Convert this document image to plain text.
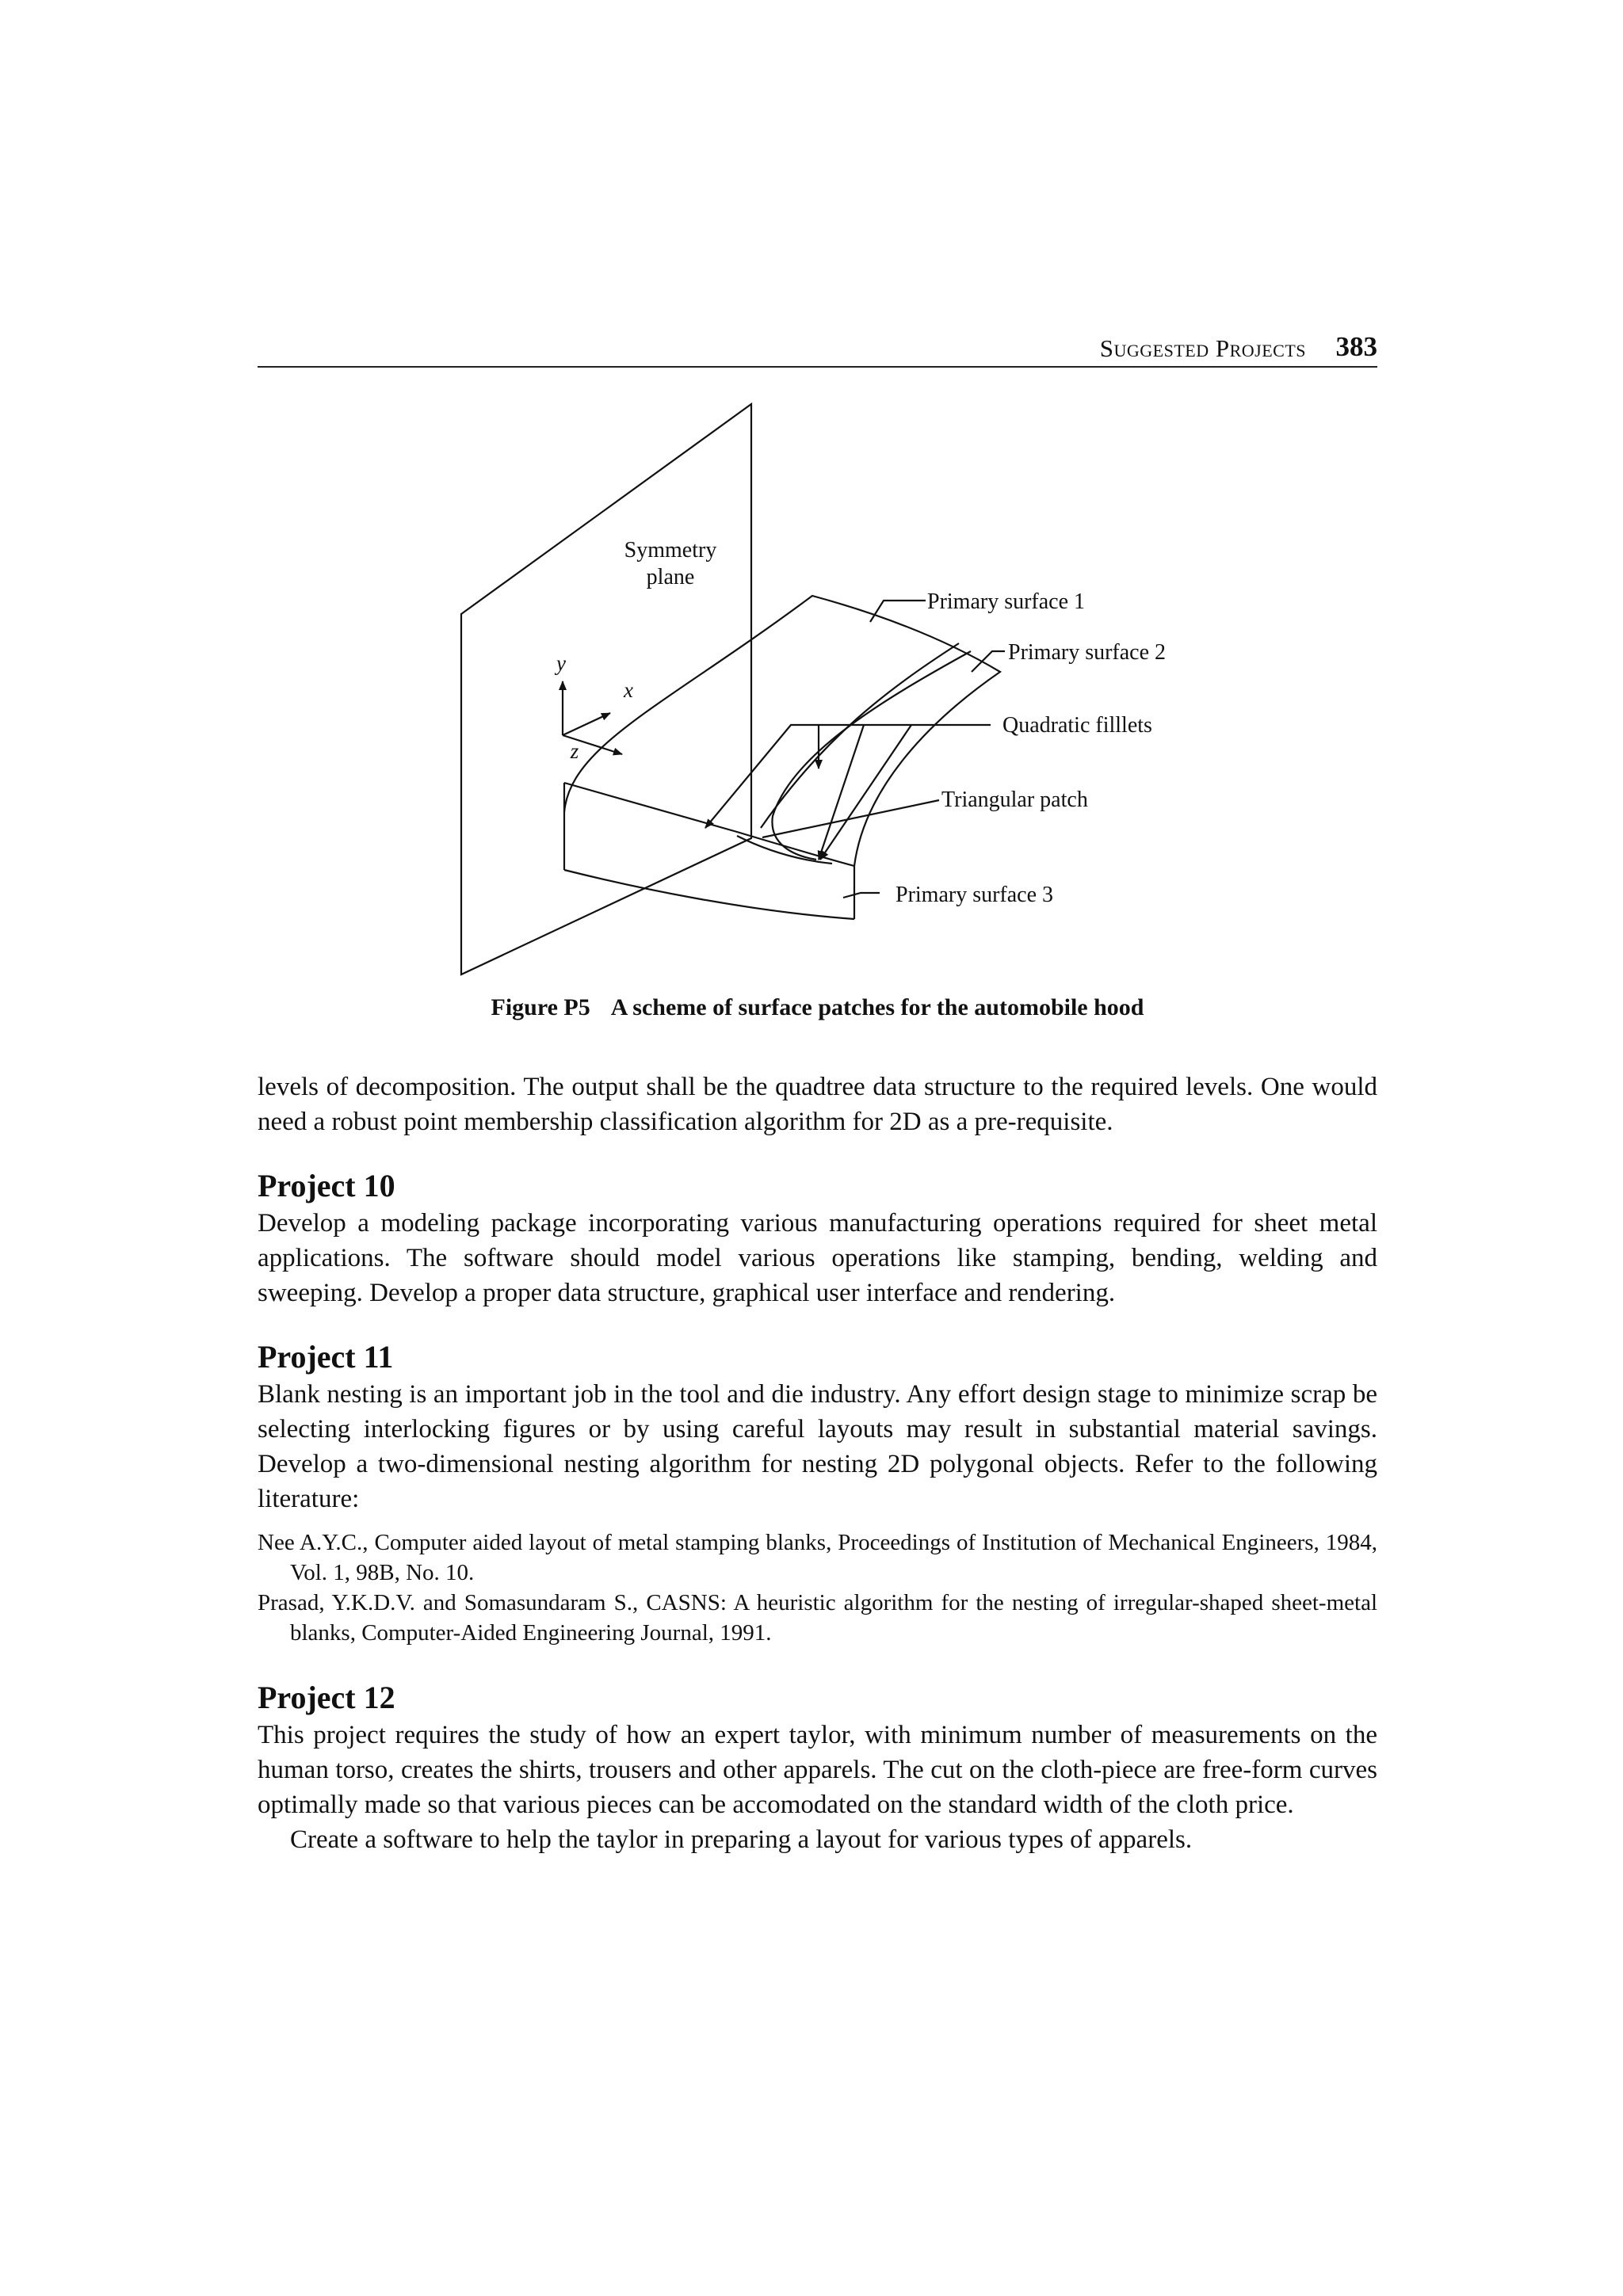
Suggested Projects 383
Symmetry
plane
Primary surface 1
Primary surface 2
Quadratic filllets
Triangular patch
Primary surface 3
y
x
z
Figure P5 A scheme of surface patches for the automobile hood

levels of decomposition. The output shall be the quadtree data structure to the required levels. One would need a robust point membership classification algorithm for 2D as a pre-requisite.

Project 10

Develop a modeling package incorporating various manufacturing operations required for sheet metal applications. The software should model various operations like stamping, bending, welding and sweeping. Develop a proper data structure, graphical user interface and rendering.

Project 11

Blank nesting is an important job in the tool and die industry. Any effort design stage to minimize scrap be selecting interlocking figures or by using careful layouts may result in substantial material savings. Develop a two-dimensional nesting algorithm for nesting 2D polygonal objects. Refer to the following literature:

Nee A.Y.C., Computer aided layout of metal stamping blanks, Proceedings of Institution of Mechanical Engineers, 1984, Vol. 1, 98B, No. 10.

Prasad, Y.K.D.V. and Somasundaram S., CASNS: A heuristic algorithm for the nesting of irregular-shaped sheet-metal blanks, Computer-Aided Engineering Journal, 1991.

Project 12

This project requires the study of how an expert taylor, with minimum number of measurements on the human torso, creates the shirts, trousers and other apparels. The cut on the cloth-piece are free-form curves optimally made so that various pieces can be accomodated on the standard width of the cloth price.

Create a software to help the taylor in preparing a layout for various types of apparels.
